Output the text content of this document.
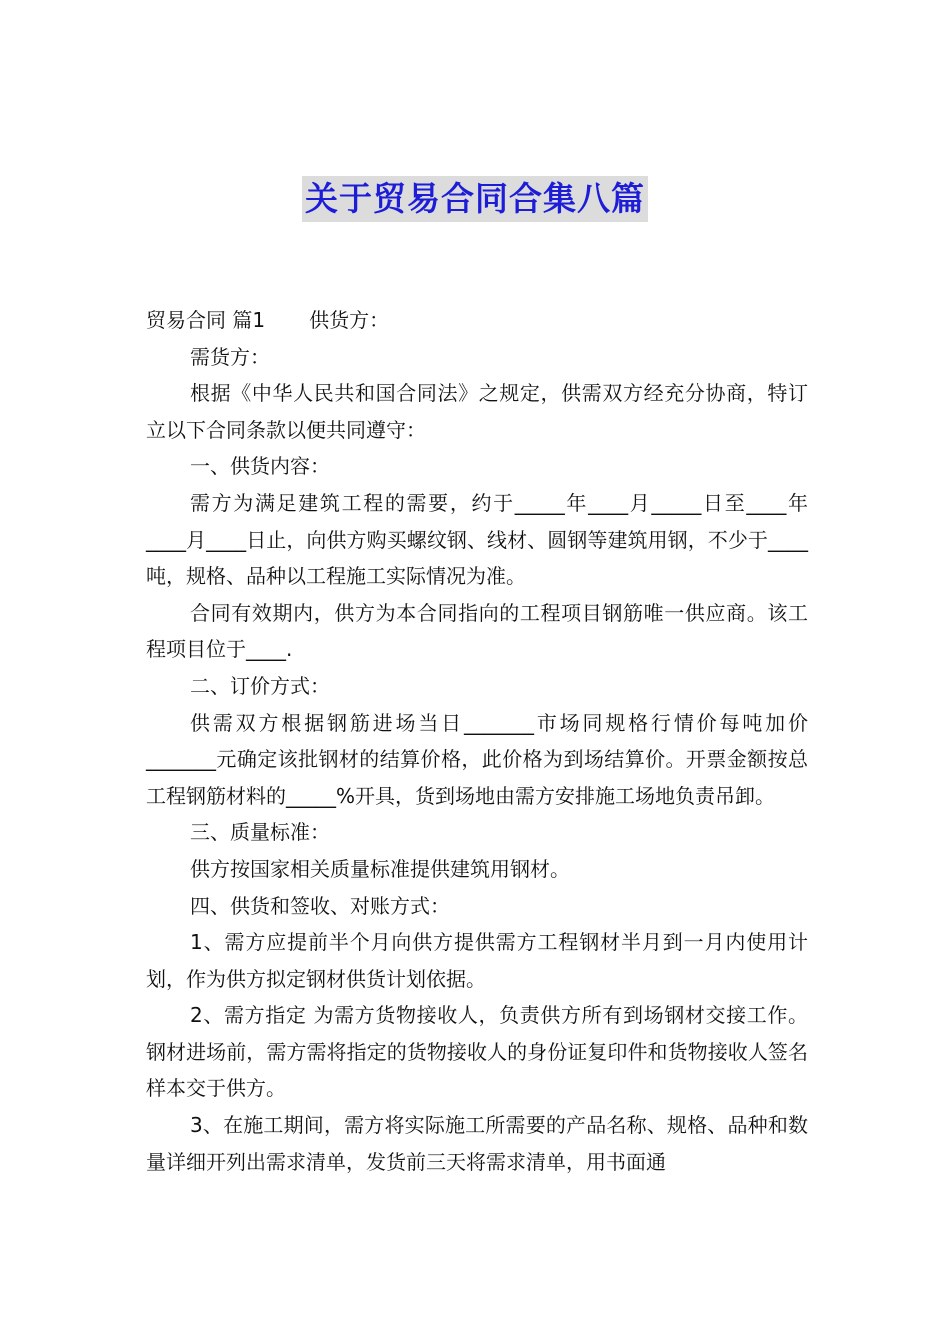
关于贸易合同合集八篇

贸易合同 篇1 供货方：

需货方：

根据《中华人民共和国合同法》之规定，供需双方经充分协商，特订立以下合同条款以便共同遵守：

一、供货内容：

需方为满足建筑工程的需要，约于_____年____月_____日至____年____月____日止，向供方购买螺纹钢、线材、圆钢等建筑用钢，不少于____吨，规格、品种以工程施工实际情况为准。

合同有效期内，供方为本合同指向的工程项目钢筋唯一供应商。该工程项目位于____.

二、订价方式：

供需双方根据钢筋进场当日_______市场同规格行情价每吨加价_______元确定该批钢材的结算价格，此价格为到场结算价。开票金额按总工程钢筋材料的_____%开具，货到场地由需方安排施工场地负责吊卸。

三、质量标准：

供方按国家相关质量标准提供建筑用钢材。

四、供货和签收、对账方式：

1、需方应提前半个月向供方提供需方工程钢材半月到一月内使用计划，作为供方拟定钢材供货计划依据。

2、需方指定 为需方货物接收人，负责供方所有到场钢材交接工作。钢材进场前，需方需将指定的货物接收人的身份证复印件和货物接收人签名样本交于供方。

3、在施工期间，需方将实际施工所需要的产品名称、规格、品种和数量详细开列出需求清单，发货前三天将需求清单，用书面通
